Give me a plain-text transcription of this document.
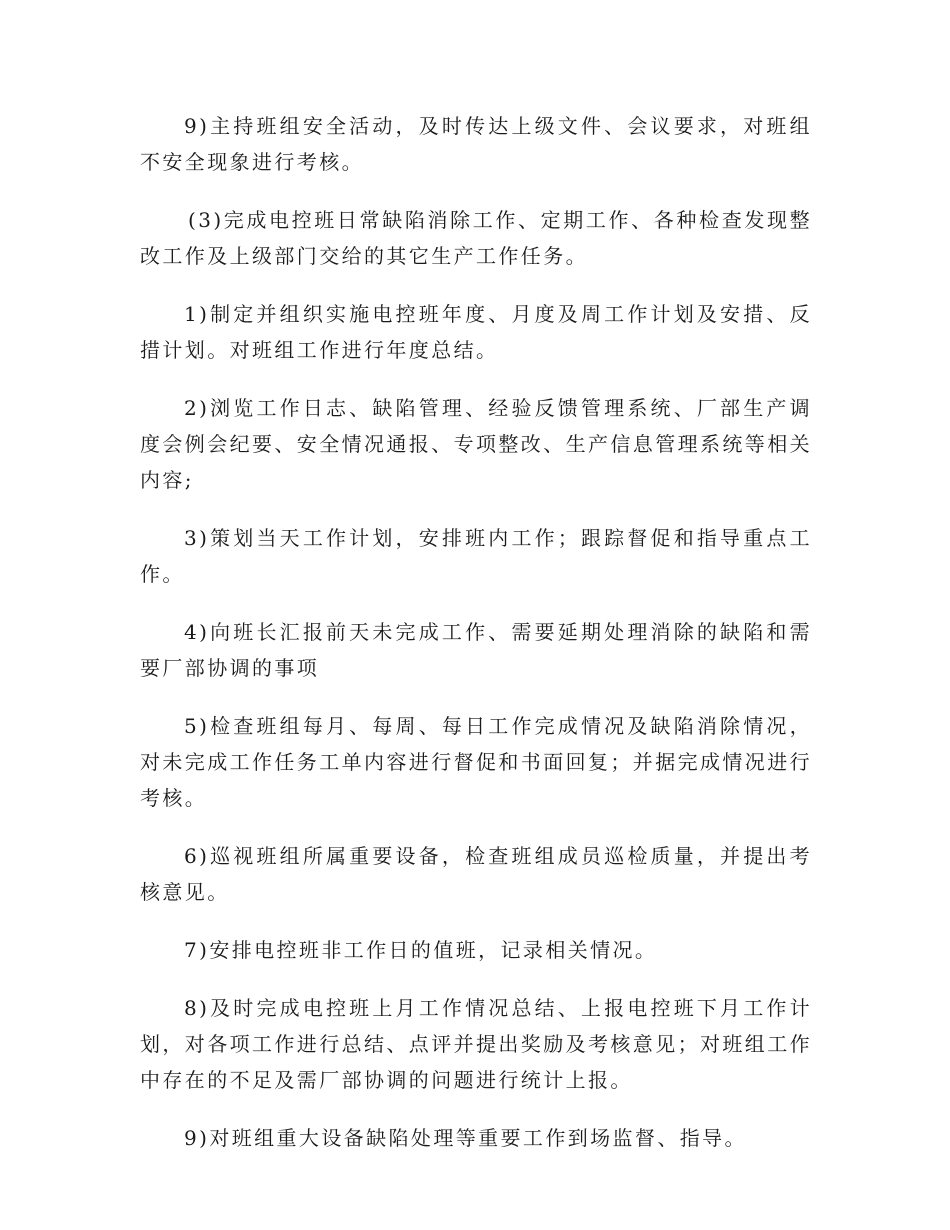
9)主持班组安全活动，及时传达上级文件、会议要求，对班组不安全现象进行考核。

(3)完成电控班日常缺陷消除工作、定期工作、各种检查发现整改工作及上级部门交给的其它生产工作任务。

1)制定并组织实施电控班年度、月度及周工作计划及安措、反措计划。对班组工作进行年度总结。

2)浏览工作日志、缺陷管理、经验反馈管理系统、厂部生产调度会例会纪要、安全情况通报、专项整改、生产信息管理系统等相关内容;

3)策划当天工作计划，安排班内工作；跟踪督促和指导重点工作。

4)向班长汇报前天未完成工作、需要延期处理消除的缺陷和需要厂部协调的事项

5)检查班组每月、每周、每日工作完成情况及缺陷消除情况，对未完成工作任务工单内容进行督促和书面回复；并据完成情况进行考核。

6)巡视班组所属重要设备，检查班组成员巡检质量，并提出考核意见。

7)安排电控班非工作日的值班，记录相关情况。

8)及时完成电控班上月工作情况总结、上报电控班下月工作计划，对各项工作进行总结、点评并提出奖励及考核意见；对班组工作中存在的不足及需厂部协调的问题进行统计上报。

9)对班组重大设备缺陷处理等重要工作到场监督、指导。
